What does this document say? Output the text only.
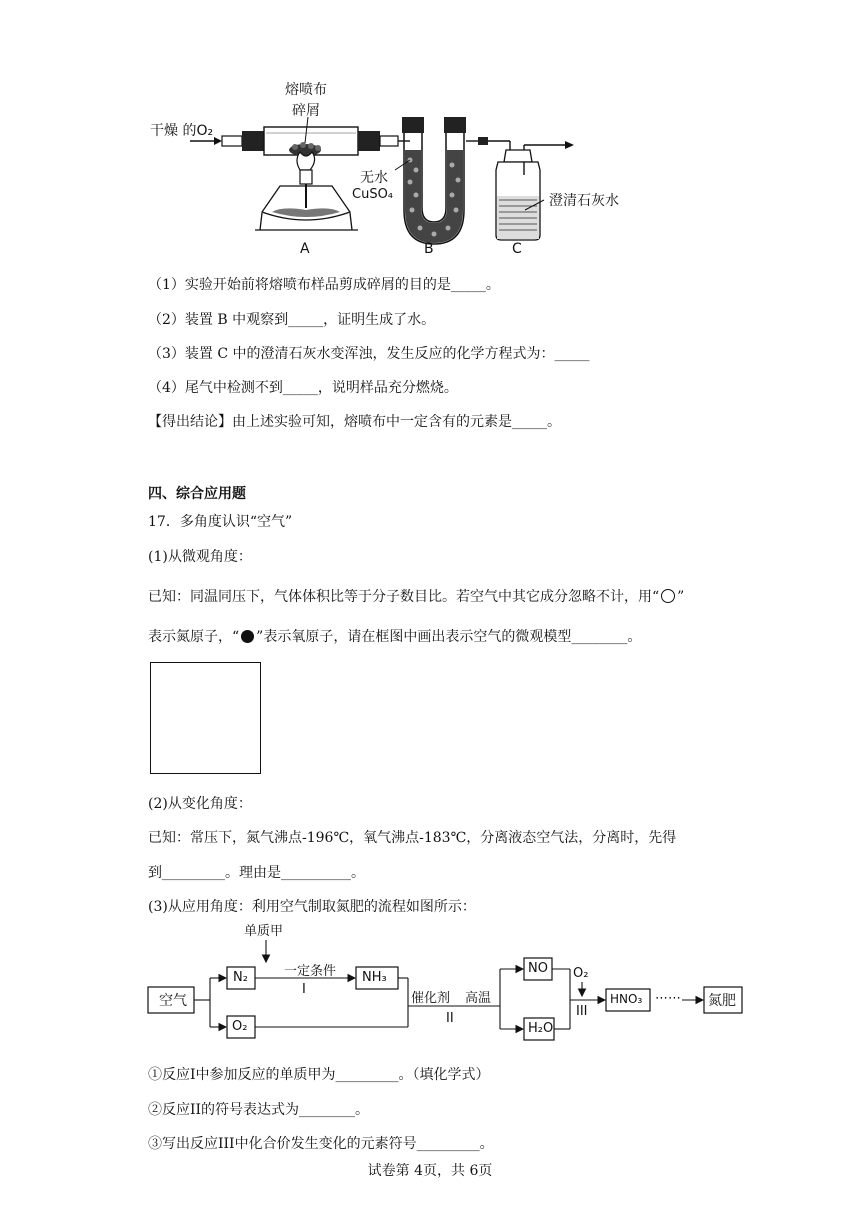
干燥 的O₂
熔喷布
碎屑
无水
CuSO₄	澄清石灰水
A	B	C
（1）实验开始前将熔喷布样品剪成碎屑的目的是_____。
（2）装置 B 中观察到_____，证明生成了水。
（3）装置 C 中的澄清石灰水变浑浊，发生反应的化学方程式为：_____
（4）尾气中检测不到_____，说明样品充分燃烧。
【得出结论】由上述实验可知，熔喷布中一定含有的元素是_____。
四、综合应用题
17．多角度认识“空气”
(1)从微观角度：
已知：同温同压下，气体体积比等于分子数目比。若空气中其它成分忽略不计，用“ ”
表示氮原子，“ ”表示氧原子，请在框图中画出表示空气的微观模型________。
(2)从变化角度：
已知：常压下，氮气沸点-196℃，氧气沸点-183℃，分离液态空气法，分离时，先得
到_________。理由是__________。
(3)从应用角度：利用空气制取氮肥的流程如图所示：
空气
N₂
O₂
单质甲
一定条件
I
NH₃
催化剂 高温
II
NO
H₂O
O₂
III
HNO₃ ⋯⋯ 氮肥
①反应I中参加反应的单质甲为_________。（填化学式）
②反应II的符号表达式为________。
③写出反应III中化合价发生变化的元素符号_________。
试卷第 4页，共 6页
